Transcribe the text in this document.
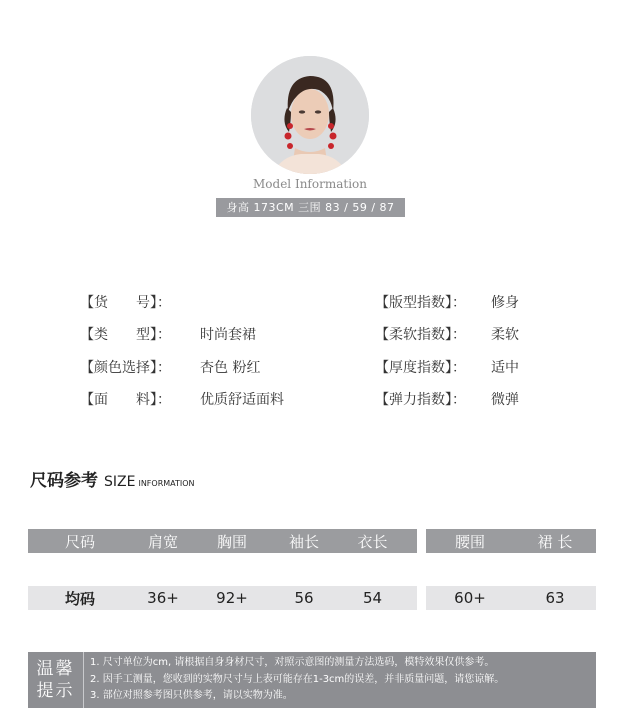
Model Information
身高 173CM 三围 83 / 59 / 87
【货　　号】：
【类　　型】： 时尚套裙
【颜色选择】： 杏色 粉红
【面　　料】： 优质舒适面料
【版型指数】： 修身
【柔软指数】： 柔软
【厚度指数】： 适中
【弹力指数】： 微弹
尺码参考 SIZE INFORMATION
尺码	肩宽	胸围	袖长	衣长	腰围	裙 长
均码	36+	92+	56	54	60+	63
温馨
提示
1. 尺寸单位为cm, 请根据自身身材尺寸，对照示意图的测量方法选码，模特效果仅供参考。
2. 因手工测量，您收到的实物尺寸与上表可能存在1-3cm的误差，并非质量问题，请您谅解。
3. 部位对照参考图只供参考，请以实物为准。
